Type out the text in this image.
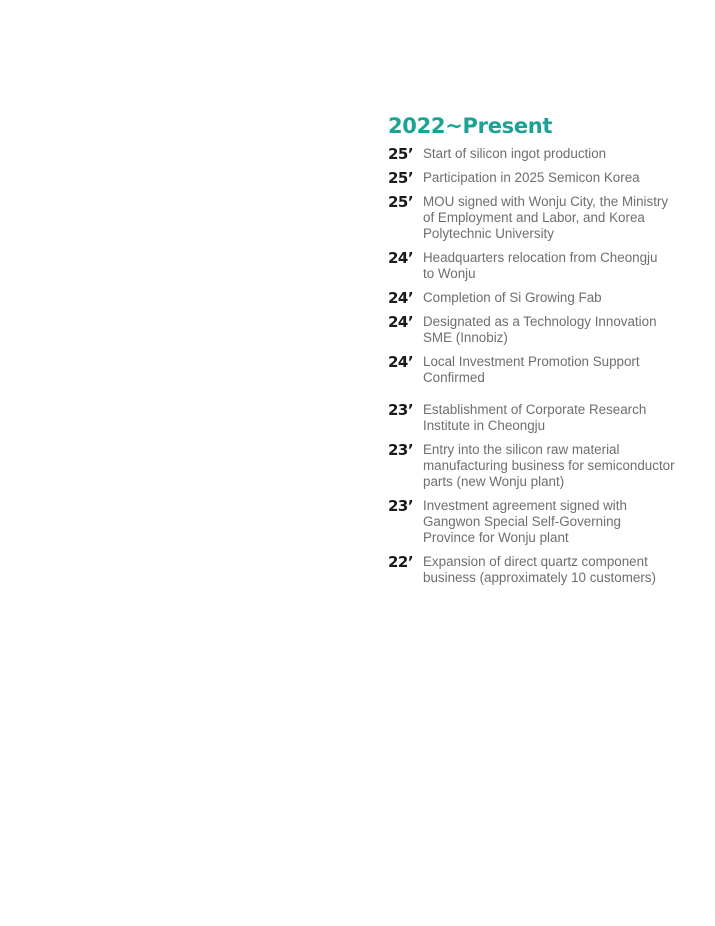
2022~Present
25’ Start of silicon ingot production
25’ Participation in 2025 Semicon Korea
25’ MOU signed with Wonju City, the Ministry
of Employment and Labor, and Korea
Polytechnic University
24’ Headquarters relocation from Cheongju
to Wonju
24’ Completion of Si Growing Fab
24’ Designated as a Technology Innovation
SME (Innobiz)
24’ Local Investment Promotion Support
Confirmed
23’ Establishment of Corporate Research
Institute in Cheongju
23’ Entry into the silicon raw material
manufacturing business for semiconductor
parts (new Wonju plant)
23’ Investment agreement signed with
Gangwon Special Self-Governing
Province for Wonju plant
22’ Expansion of direct quartz component
business (approximately 10 customers)
